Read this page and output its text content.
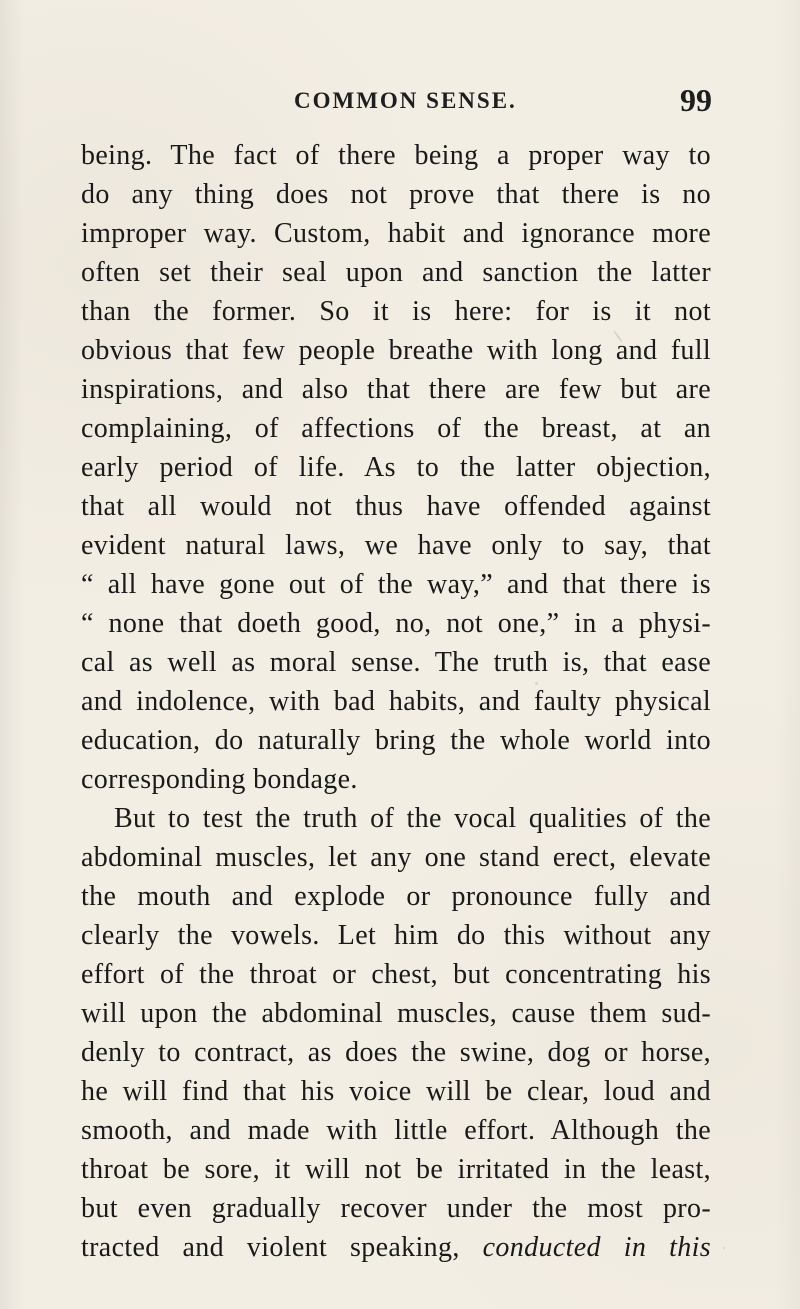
COMMON SENSE.	99
being. The fact of there being a proper way to
do any thing does not prove that there is no
improper way. Custom, habit and ignorance more
often set their seal upon and sanction the latter
than the former. So it is here: for is it not
obvious that few people breathe with long and full
inspirations, and also that there are few but are
complaining, of affections of the breast, at an
early period of life. As to the latter objection,
that all would not thus have offended against
evident natural laws, we have only to say, that
“ all have gone out of the way,” and that there is
“ none that doeth good, no, not one,” in a physi-
cal as well as moral sense. The truth is, that ease
and indolence, with bad habits, and faulty physical
education, do naturally bring the whole world into
corresponding bondage.
But to test the truth of the vocal qualities of the
abdominal muscles, let any one stand erect, elevate
the mouth and explode or pronounce fully and
clearly the vowels. Let him do this without any
effort of the throat or chest, but concentrating his
will upon the abdominal muscles, cause them sud-
denly to contract, as does the swine, dog or horse,
he will find that his voice will be clear, loud and
smooth, and made with little effort. Although the
throat be sore, it will not be irritated in the least,
but even gradually recover under the most pro-
tracted and violent speaking, conducted in this
